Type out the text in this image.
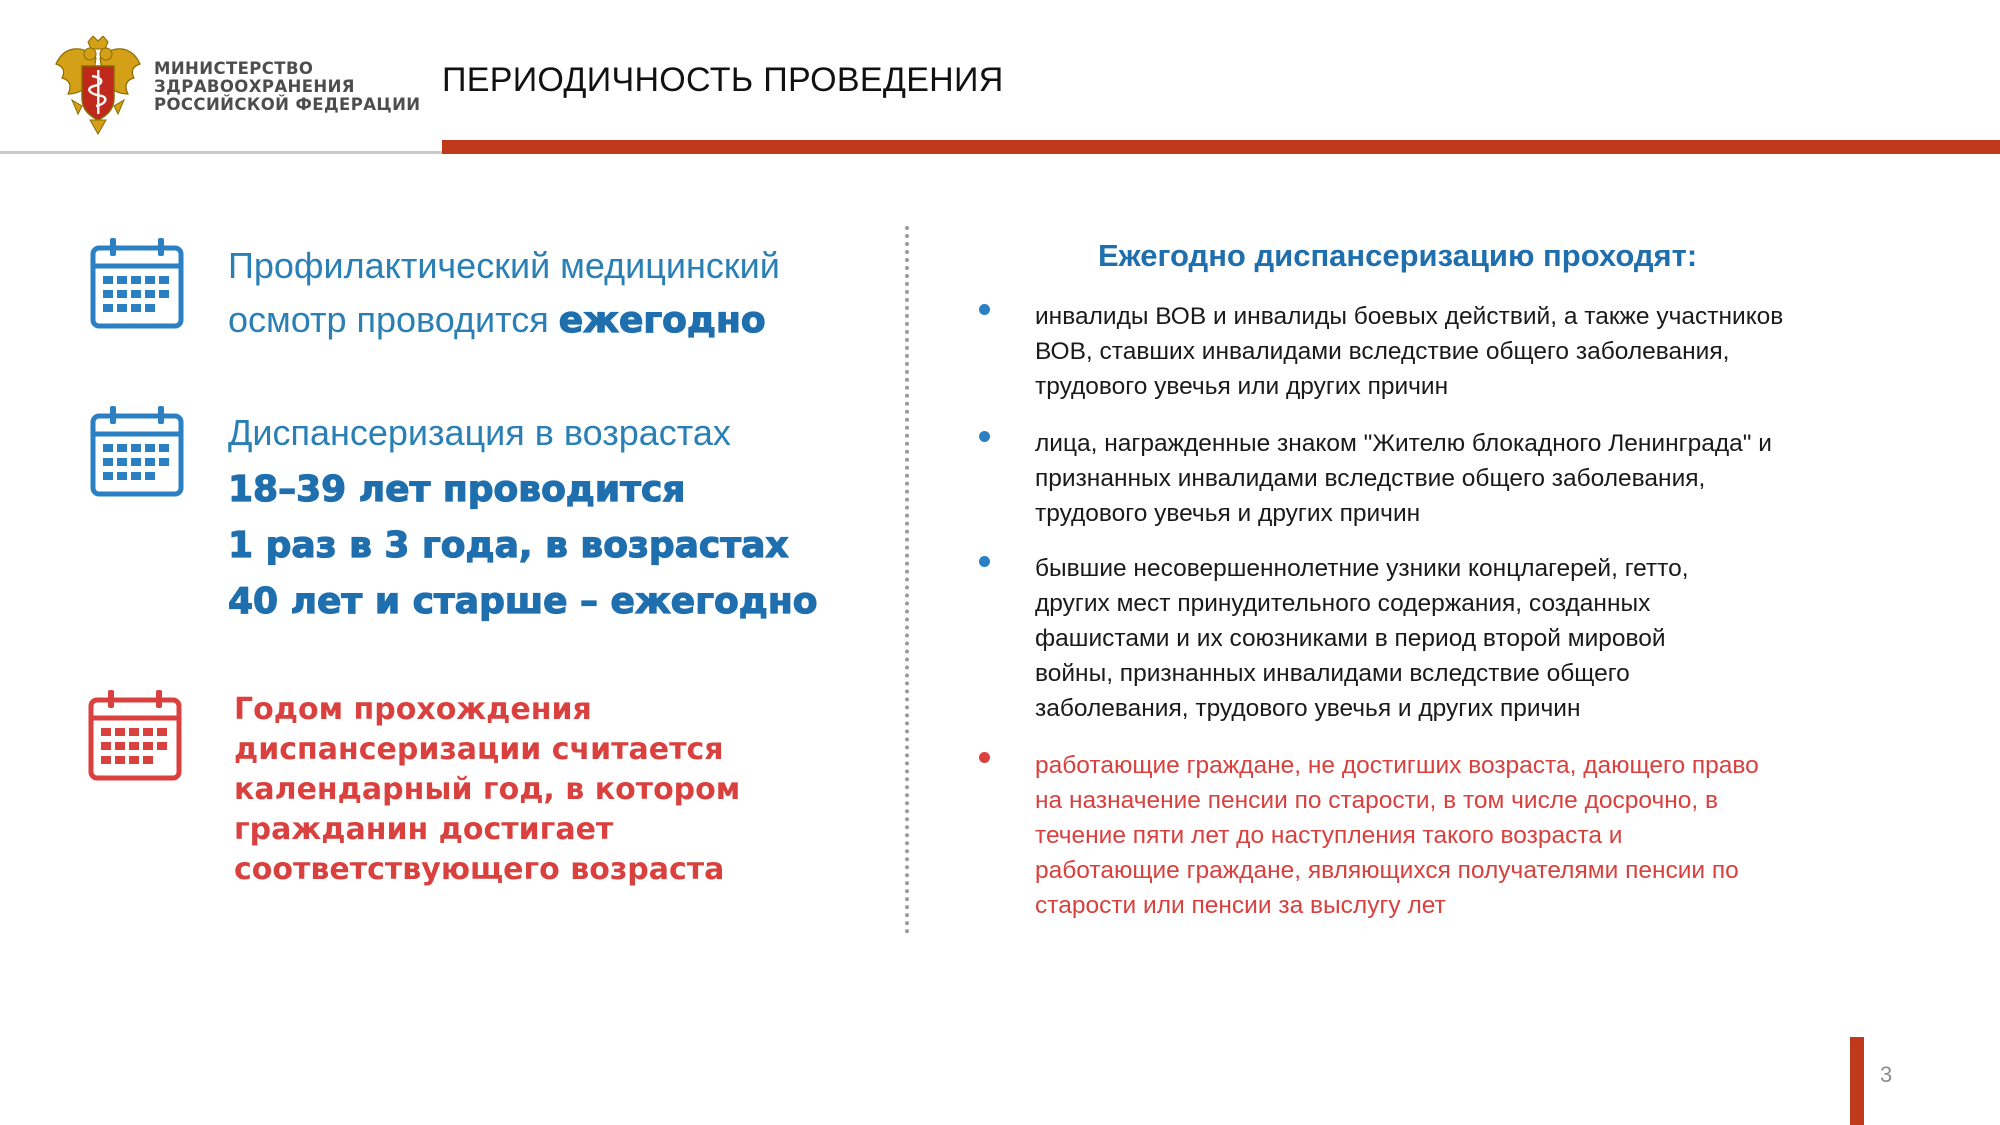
МИНИСТЕРСТВО
ЗДРАВООХРАНЕНИЯ
РОССИЙСКОЙ ФЕДЕРАЦИИ
ПЕРИОДИЧНОСТЬ ПРОВЕДЕНИЯ
Профилактический медицинский
осмотр проводится ежегодно
Диспансеризация в возрастах
18–39 лет проводится
1 раз в 3 года, в возрастах
40 лет и старше – ежегодно
Годом прохождения
диспансеризации считается
календарный год, в котором
гражданин достигает
соответствующего возраста
Ежегодно диспансеризацию проходят:
инвалиды ВОВ и инвалиды боевых действий, а также участников
ВОВ, ставших инвалидами вследствие общего заболевания,
трудового увечья или других причин
лица, награжденные знаком "Жителю блокадного Ленинграда" и
признанных инвалидами вследствие общего заболевания,
трудового увечья и других причин
бывшие несовершеннолетние узники концлагерей, гетто,
других мест принудительного содержания, созданных
фашистами и их союзниками в период второй мировой
войны, признанных инвалидами вследствие общего
заболевания, трудового увечья и других причин
работающие граждане, не достигших возраста, дающего право
на назначение пенсии по старости, в том числе досрочно, в
течение пяти лет до наступления такого возраста и
работающие граждане, являющихся получателями пенсии по
старости или пенсии за выслугу лет
3
